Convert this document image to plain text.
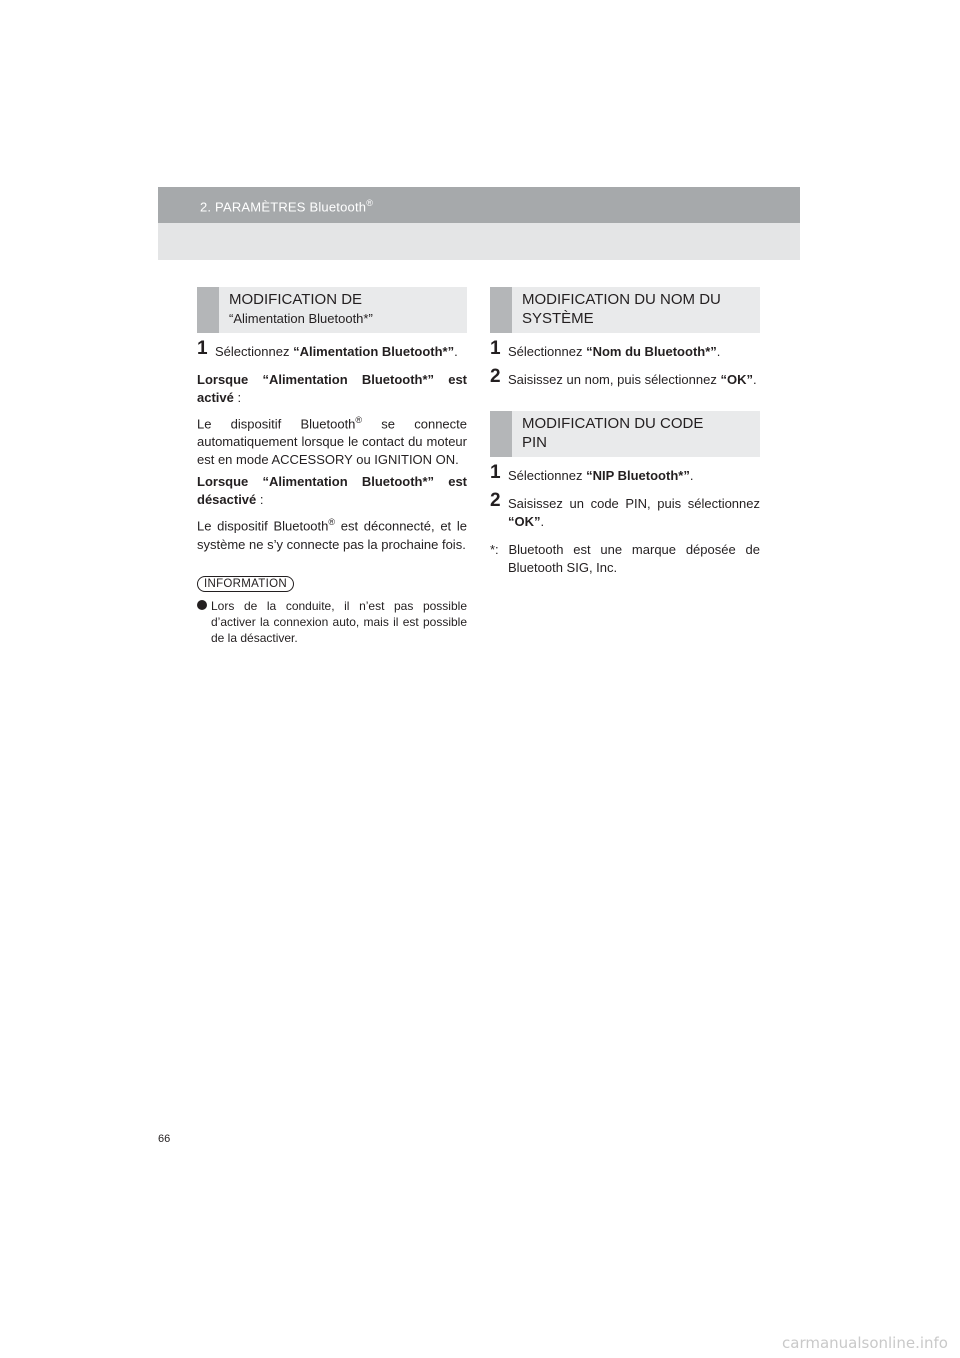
2. PARAMÈTRES Bluetooth®
MODIFICATION DE
“Alimentation Bluetooth*”
1 Sélectionnez “Alimentation Bluetooth*”.

Lorsque “Alimentation Bluetooth*” est activé :

Le dispositif Bluetooth® se connecte automatiquement lorsque le contact du moteur est en mode ACCESSORY ou IGNITION ON.

Lorsque “Alimentation Bluetooth*” est désactivé :

Le dispositif Bluetooth® est déconnecté, et le système ne s’y connecte pas la prochaine fois.

INFORMATION
Lors de la conduite, il n’est pas possible d’activer la connexion auto, mais il est possible de la désactiver.
MODIFICATION DU NOM DU
SYSTÈME
1 Sélectionnez “Nom du Bluetooth*”.
2 Saisissez un nom, puis sélectionnez “OK”.
MODIFICATION DU CODE
PIN
1 Sélectionnez “NIP Bluetooth*”.
2 Saisissez un code PIN, puis sélectionnez “OK”.
*: Bluetooth est une marque déposée de Bluetooth SIG, Inc.
66
carmanualsonline.info
